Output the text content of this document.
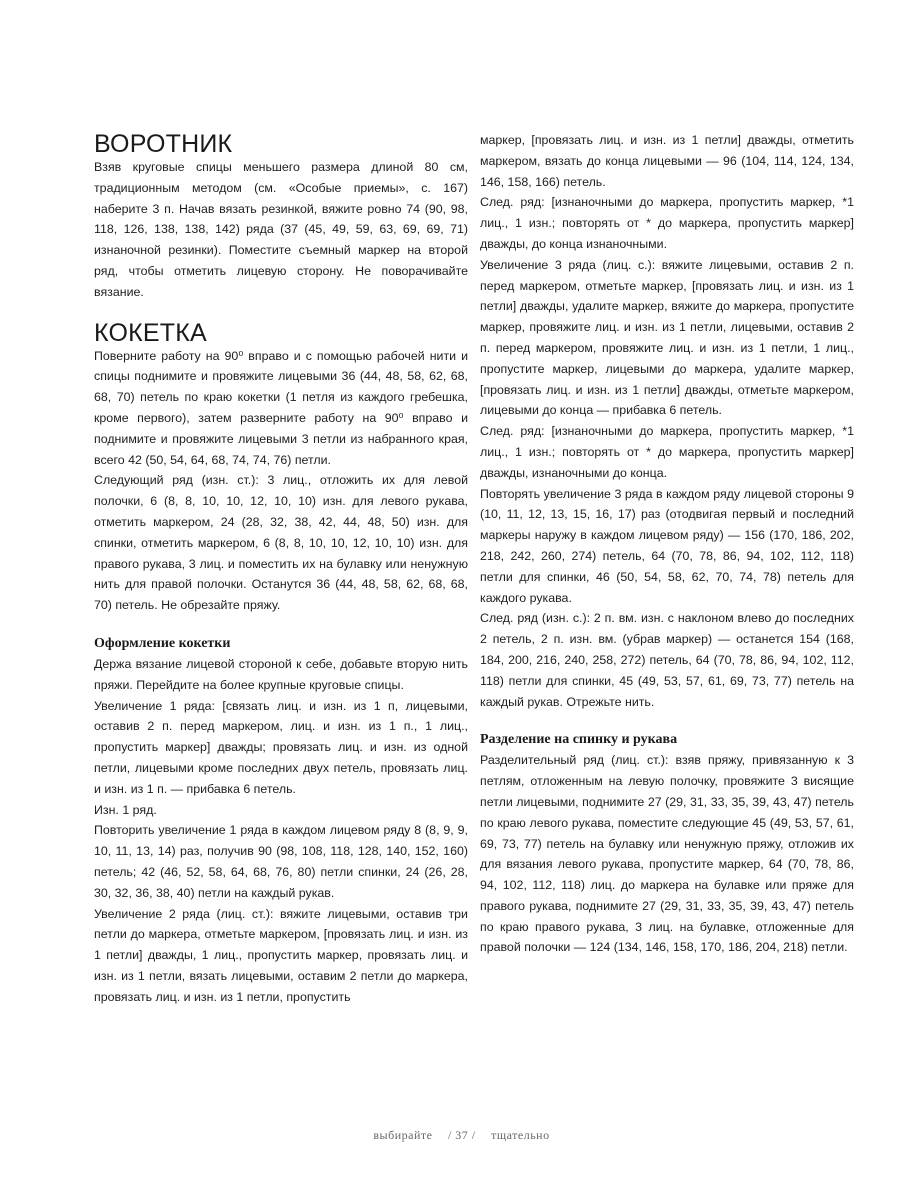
ВОРОТНИК

Взяв круговые спицы меньшего размера длиной 80 см, традиционным методом (см. «Особые приемы», с. 167) наберите 3 п. Начав вязать резинкой, вяжите ровно 74 (90, 98, 118, 126, 138, 138, 142) ряда (37 (45, 49, 59, 63, 69, 69, 71) изнаночной резинки). Поместите съемный маркер на второй ряд, чтобы отметить лицевую сторону. Не поворачивайте вязание.

КОКЕТКА

Поверните работу на 90⁰ вправо и с помощью рабочей нити и спицы поднимите и провяжите лицевыми 36 (44, 48, 58, 62, 68, 68, 70) петель по краю кокетки (1 петля из каждого гребешка, кроме первого), затем разверните работу на 90⁰ вправо и поднимите и провяжите лицевыми 3 петли из набранного края, всего 42 (50, 54, 64, 68, 74, 74, 76) петли.

Следующий ряд (изн. ст.): 3 лиц., отложить их для левой полочки, 6 (8, 8, 10, 10, 12, 10, 10) изн. для левого рукава, отметить маркером, 24 (28, 32, 38, 42, 44, 48, 50) изн. для спинки, отметить маркером, 6 (8, 8, 10, 10, 12, 10, 10) изн. для правого рукава, 3 лиц. и поместить их на булавку или ненужную нить для правой полочки. Останутся 36 (44, 48, 58, 62, 68, 68, 70) петель. Не обрезайте пряжу.

Оформление кокетки

Держа вязание лицевой стороной к себе, добавьте вторую нить пряжи. Перейдите на более крупные круговые спицы.

Увеличение 1 ряда: [связать лиц. и изн. из 1 п, лицевыми, оставив 2 п. перед маркером, лиц. и изн. из 1 п., 1 лиц., пропустить маркер] дважды; провязать лиц. и изн. из одной петли, лицевыми кроме последних двух петель, провязать лиц. и изн. из 1 п. — прибавка 6 петель.

Изн. 1 ряд.

Повторить увеличение 1 ряда в каждом лицевом ряду 8 (8, 9, 9, 10, 11, 13, 14) раз, получив 90 (98, 108, 118, 128, 140, 152, 160) петель; 42 (46, 52, 58, 64, 68, 76, 80) петли спинки, 24 (26, 28, 30, 32, 36, 38, 40) петли на каждый рукав.

Увеличение 2 ряда (лиц. ст.): вяжите лицевыми, оставив три петли до маркера, отметьте маркером, [провязать лиц. и изн. из 1 петли] дважды, 1 лиц., пропустить маркер, провязать лиц. и изн. из 1 петли, вязать лицевыми, оставим 2 петли до маркера, провязать лиц. и изн. из 1 петли, пропустить

маркер, [провязать лиц. и изн. из 1 петли] дважды, отметить маркером, вязать до конца лицевыми — 96 (104, 114, 124, 134, 146, 158, 166) петель.

След. ряд: [изнаночными до маркера, пропустить маркер, *1 лиц., 1 изн.; повторять от * до маркера, пропустить маркер] дважды, до конца изнаночными.

Увеличение 3 ряда (лиц. с.): вяжите лицевыми, оставив 2 п. перед маркером, отметьте маркер, [провязать лиц. и изн. из 1 петли] дважды, удалите маркер, вяжите до маркера, пропустите маркер, провяжите лиц. и изн. из 1 петли, лицевыми, оставив 2 п. перед маркером, провяжите лиц. и изн. из 1 петли, 1 лиц., пропустите маркер, лицевыми до маркера, удалите маркер, [провязать лиц. и изн. из 1 петли] дважды, отметьте маркером, лицевыми до конца — прибавка 6 петель.

След. ряд: [изнаночными до маркера, пропустить маркер, *1 лиц., 1 изн.; повторять от * до маркера, пропустить маркер] дважды, изнаночными до конца.

Повторять увеличение 3 ряда в каждом ряду лицевой стороны 9 (10, 11, 12, 13, 15, 16, 17) раз (отодвигая первый и последний маркеры наружу в каждом лицевом ряду) — 156 (170, 186, 202, 218, 242, 260, 274) петель, 64 (70, 78, 86, 94, 102, 112, 118) петли для спинки, 46 (50, 54, 58, 62, 70, 74, 78) петель для каждого рукава.

След. ряд (изн. с.): 2 п. вм. изн. с наклоном влево до последних 2 петель, 2 п. изн. вм. (убрав маркер) — останется 154 (168, 184, 200, 216, 240, 258, 272) петель, 64 (70, 78, 86, 94, 102, 112, 118) петли для спинки, 45 (49, 53, 57, 61, 69, 73, 77) петель на каждый рукав. Отрежьте нить.

Разделение на спинку и рукава

Разделительный ряд (лиц. ст.): взяв пряжу, привязанную к 3 петлям, отложенным на левую полочку, провяжите 3 висящие петли лицевыми, поднимите 27 (29, 31, 33, 35, 39, 43, 47) петель по краю левого рукава, поместите следующие 45 (49, 53, 57, 61, 69, 73, 77) петель на булавку или ненужную пряжу, отложив их для вязания левого рукава, пропустите маркер, 64 (70, 78, 86, 94, 102, 112, 118) лиц. до маркера на булавке или пряже для правого рукава, поднимите 27 (29, 31, 33, 35, 39, 43, 47) петель по краю правого рукава, 3 лиц. на булавке, отложенные для правой полочки — 124 (134, 146, 158, 170, 186, 204, 218) петли.

выбирайте / 37 / тщательно
